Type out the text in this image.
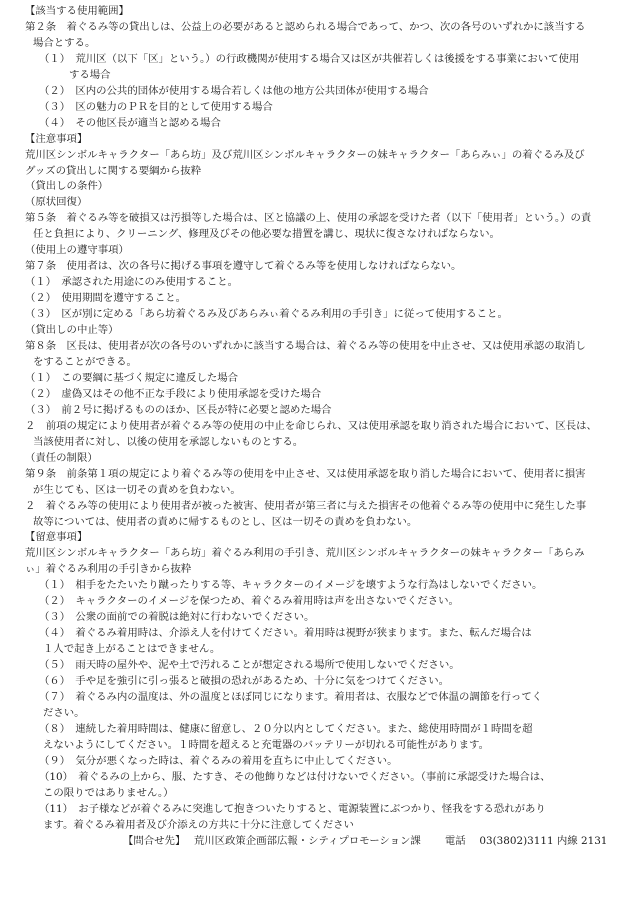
【該当する使用範囲】
第２条　着ぐるみ等の貸出しは、公益上の必要があると認められる場合であって、かつ、次の各号のいずれかに該当する
場合とする。
（１）　荒川区（以下「区」という。）の行政機関が使用する場合又は区が共催若しくは後援をする事業において使用
する場合
（２）　区内の公共的団体が使用する場合若しくは他の地方公共団体が使用する場合
（３）　区の魅力のＰＲを目的として使用する場合
（４）　その他区長が適当と認める場合
【注意事項】
荒川区シンボルキャラクター「あら坊」及び荒川区シンボルキャラクターの妹キャラクター「あらみぃ」の着ぐるみ及び
グッズの貸出しに関する要綱から抜粋
（貸出しの条件）
（原状回復）
第５条　着ぐるみ等を破損又は汚損等した場合は、区と協議の上、使用の承認を受けた者（以下「使用者」という。）の責
任と負担により、クリーニング、修理及びその他必要な措置を講じ、現状に復さなければならない。
（使用上の遵守事項）
第７条　使用者は、次の各号に掲げる事項を遵守して着ぐるみ等を使用しなければならない。
（１）　承認された用途にのみ使用すること。
（２）　使用期間を遵守すること。
（３）　区が別に定める「あら坊着ぐるみ及びあらみぃ着ぐるみ利用の手引き」に従って使用すること。
（貸出しの中止等）
第８条　区長は、使用者が次の各号のいずれかに該当する場合は、着ぐるみ等の使用を中止させ、又は使用承認の取消し
をすることができる。
（１）　この要綱に基づく規定に違反した場合
（２）　虚偽又はその他不正な手段により使用承認を受けた場合
（３）　前２号に掲げるもののほか、区長が特に必要と認めた場合
２　前項の規定により使用者が着ぐるみ等の使用の中止を命じられ、又は使用承認を取り消された場合において、区長は、
当該使用者に対し、以後の使用を承認しないものとする。
（責任の制限）
第９条　前条第１項の規定により着ぐるみ等の使用を中止させ、又は使用承認を取り消した場合において、使用者に損害
が生じても、区は一切その責めを負わない。
２　着ぐるみ等の使用により使用者が被った被害、使用者が第三者に与えた損害その他着ぐるみ等の使用中に発生した事
故等については、使用者の責めに帰するものとし、区は一切その責めを負わない。
【留意事項】
荒川区シンボルキャラクター「あら坊」着ぐるみ利用の手引き、荒川区シンボルキャラクターの妹キャラクター「あらみ
ぃ」着ぐるみ利用の手引きから抜粋
（１）　相手をたたいたり蹴ったりする等、キャラクターのイメージを壊すような行為はしないでください。
（２）　キャラクターのイメージを保つため、着ぐるみ着用時は声を出さないでください。
（３）　公衆の面前での着脱は絶対に行わないでください。
（４）　着ぐるみ着用時は、介添え人を付けてください。着用時は視野が狭まります。また、転んだ場合は
１人で起き上がることはできません。
（５）　雨天時の屋外や、泥や土で汚れることが想定される場所で使用しないでください。
（６）　手や足を強引に引っ張ると破損の恐れがあるため、十分に気をつけてください。
（７）　着ぐるみ内の温度は、外の温度とほぼ同じになります。着用者は、衣服などで体温の調節を行ってく
ださい。
（８）　連続した着用時間は、健康に留意し、２０分以内としてください。また、総使用時間が１時間を超
えないようにしてください。１時間を超えると充電器のバッテリーが切れる可能性があります。
（９）　気分が悪くなった時は、着ぐるみの着用を直ちに中止してください。
（10）　着ぐるみの上から、服、たすき、その他飾りなどは付けないでください。（事前に承認受けた場合は、
この限りではありません。）
（11）　お子様などが着ぐるみに突進して抱きついたりすると、電源装置にぶつかり、怪我をする恐れがあり
ます。着ぐるみ着用者及び介添えの方共に十分に注意してください
【問合せ先】　 荒川区政策企画部広報・シティプロモーション課　　 電話　 03(3802)3111 内線 2131
